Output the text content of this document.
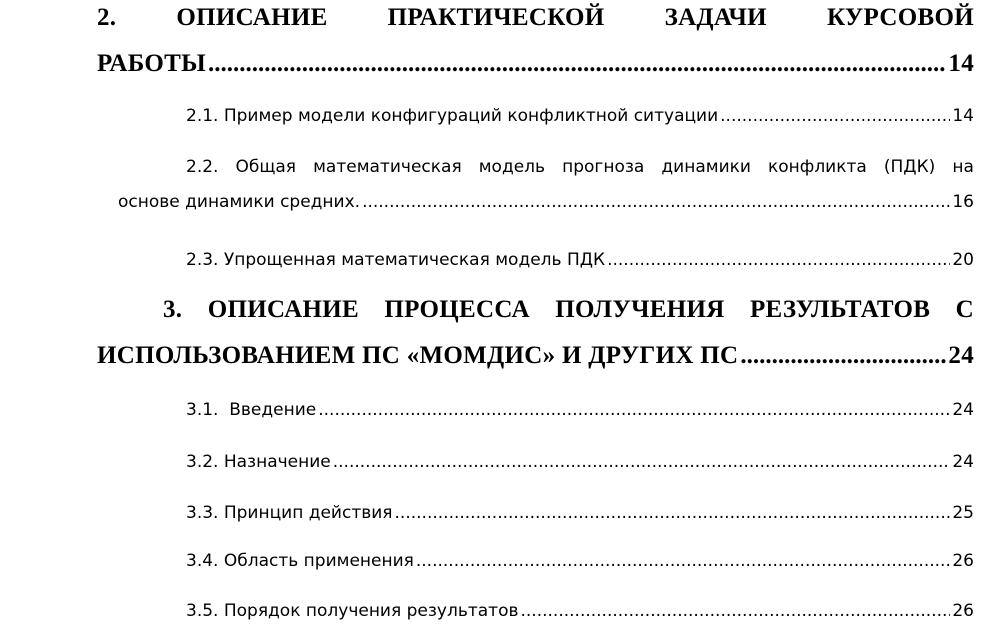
2. ОПИСАНИЕ ПРАКТИЧЕСКОЙ ЗАДАЧИ КУРСОВОЙ
РАБОТЫ .....	14
2.1. Пример модели конфигураций конфликтной ситуации .....	14
2.2. Общая математическая модель прогноза динамики конфликта (ПДК) на
основе динамики средних. .....	16
2.3. Упрощенная математическая модель ПДК .....	20
3. ОПИСАНИЕ ПРОЦЕССА ПОЛУЧЕНИЯ РЕЗУЛЬТАТОВ С
ИСПОЛЬЗОВАНИЕМ ПС «МОМДИС» И ДРУГИХ ПС .....	24
3.1.  Введение .....	24
3.2. Назначение .....	24
3.3. Принцип действия .....	25
3.4. Область применения .....	26
3.5. Порядок получения результатов .....	26
